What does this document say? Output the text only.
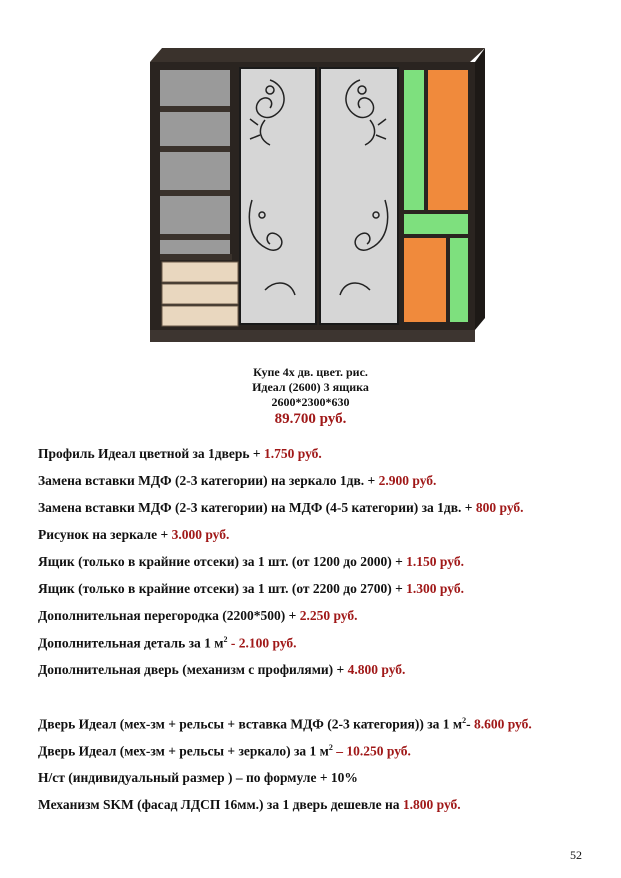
Купе 4х дв. цвет. рис.
Идеал (2600) 3 ящика
2600*2300*630
89.700 руб.
Профиль Идеал цветной за 1дверь + 1.750 руб.
Замена вставки МДФ (2-3 категории) на зеркало 1дв. + 2.900 руб.
Замена вставки МДФ (2-3 категории) на МДФ (4-5 категории) за 1дв. + 800 руб.
Рисунок на зеркале + 3.000 руб.
Ящик (только в крайние отсеки) за 1 шт. (от 1200 до 2000) + 1.150 руб.
Ящик (только в крайние отсеки) за 1 шт. (от 2200 до 2700) + 1.300 руб.
Дополнительная перегородка (2200*500) + 2.250 руб.
Дополнительная деталь за 1 $м^2 - 2.100$ руб.
Дополнительная дверь (механизм с профилями) + 4.800 руб.
Дверь Идеал (мех-зм + рельсы + вставка МДФ (2-3 категория)) за 1 $м^2-$ 8.600 руб.
Дверь Идеал (мех-зм + рельсы + зеркало) за 1 $м^2 - 10.250$ руб.
Н/ст (индивидуальный размер ) – по формуле + 10%
Механизм SKM (фасад ЛДСП 16мм.) за 1 дверь дешевле на 1.800 руб.
52
